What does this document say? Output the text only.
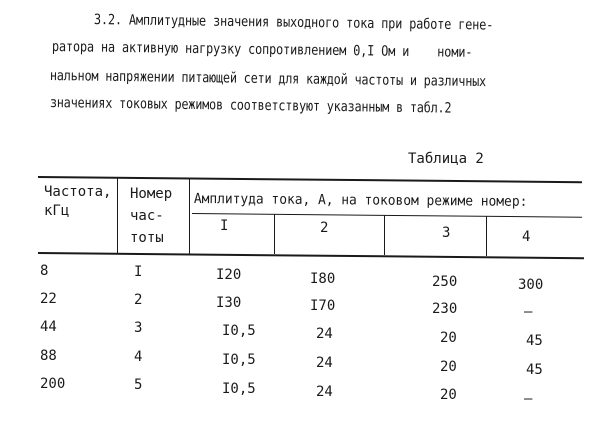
3.2. Амплитудные значения выходного тока при работе гене-
ратора на активную нагрузку сопротивлением 0,I Ом и    номи-
нальном напряжении питающей сети для каждой частоты и различных
значениях токовых режимов соответствуют указанным в табл.2
Таблица 2
Частота,
кГц
Номер
час-
тоты
Амплитуда тока, А, на токовом режиме номер:
I	2	3	4
8	I	I20	I80	250	300
22	2	I30	I70	230	–
44	3	I0,5	24	20	45
88	4	I0,5	24	20	45
200	5	I0,5	24	20	–
